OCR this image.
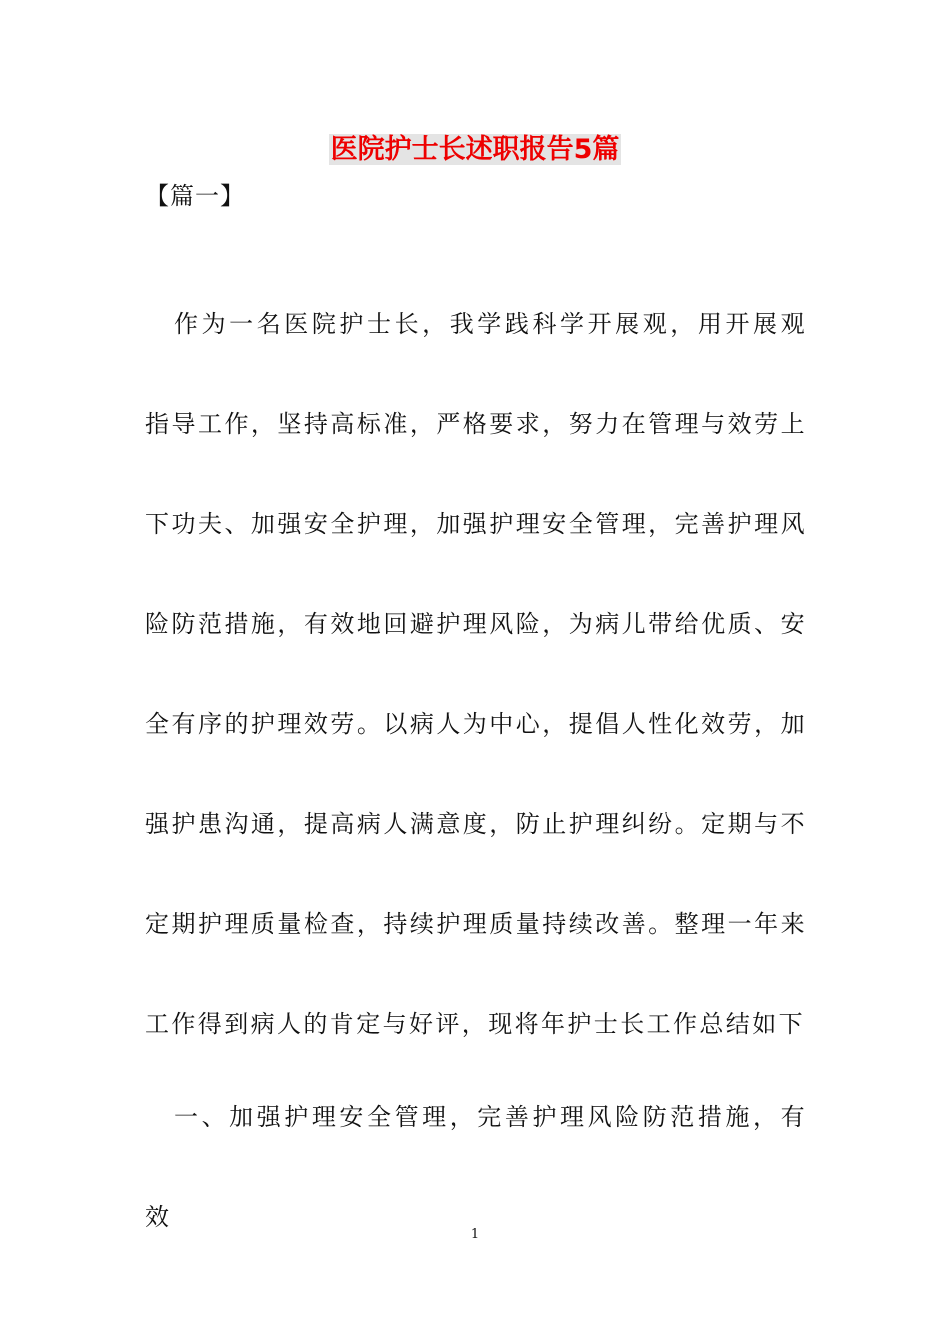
医院护士长述职报告5篇
【篇一】

作为一名医院护士长，我学践科学开展观，用开展观指导工作，坚持高标准，严格要求，努力在管理与效劳上下功夫、加强安全护理，加强护理安全管理，完善护理风险防范措施，有效地回避护理风险，为病儿带给优质、安全有序的护理效劳。以病人为中心，提倡人性化效劳，加强护患沟通，提高病人满意度，防止护理纠纷。定期与不定期护理质量检查，持续护理质量持续改善。整理一年来工作得到病人的肯定与好评，现将年护士长工作总结如下

一、加强护理安全管理，完善护理风险防范措施，有效

1
